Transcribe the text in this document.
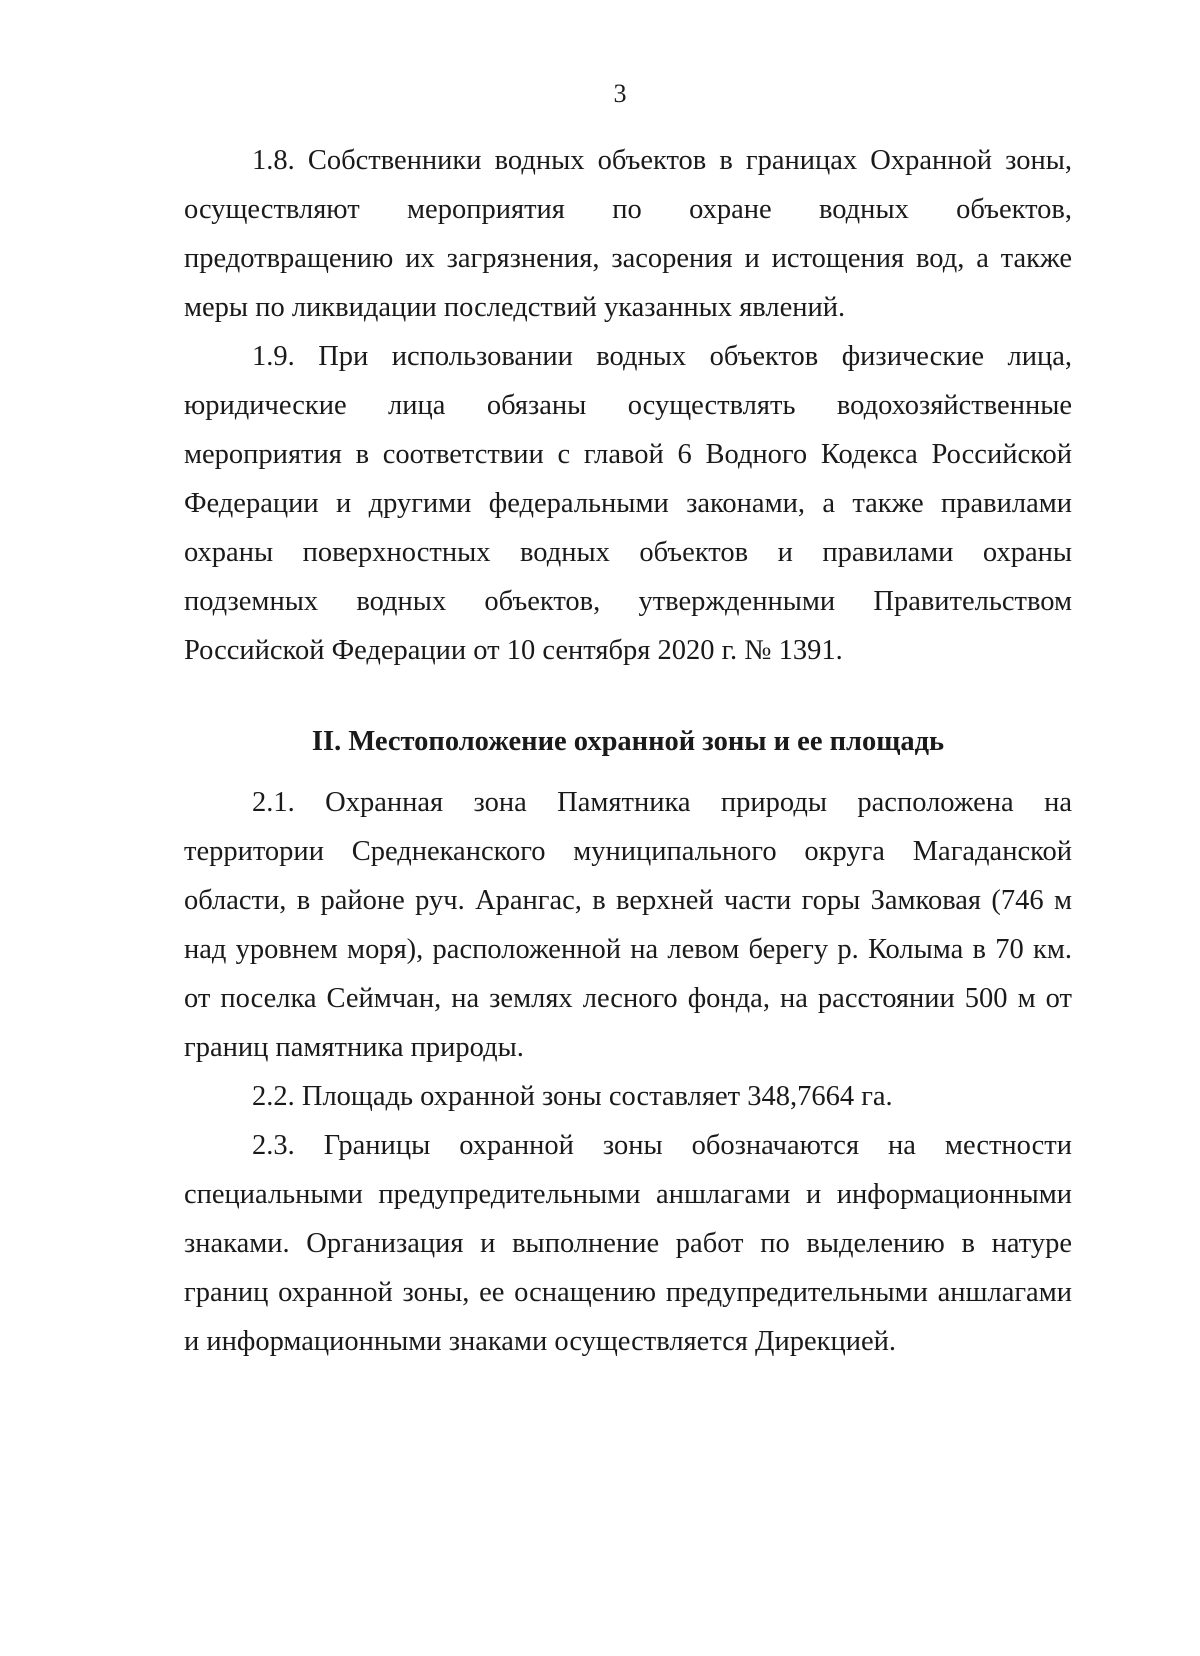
3

1.8. Собственники водных объектов в границах Охранной зоны, осуществляют мероприятия по охране водных объектов, предотвращению их загрязнения, засорения и истощения вод, а также меры по ликвидации последствий указанных явлений.

1.9. При использовании водных объектов физические лица, юридические лица обязаны осуществлять водохозяйственные мероприятия в соответствии с главой 6 Водного Кодекса Российской Федерации и другими федеральными законами, а также правилами охраны поверхностных водных объектов и правилами охраны подземных водных объектов, утвержденными Правительством Российской Федерации от 10 сентября 2020 г. № 1391.

II. Местоположение охранной зоны и ее площадь

2.1. Охранная зона Памятника природы расположена на территории Среднеканского муниципального округа Магаданской области, в районе руч. Арангас, в верхней части горы Замковая (746 м над уровнем моря), расположенной на левом берегу р. Колыма в 70 км. от поселка Сеймчан, на землях лесного фонда, на расстоянии 500 м от границ памятника природы.

2.2. Площадь охранной зоны составляет 348,7664 га.

2.3. Границы охранной зоны обозначаются на местности специальными предупредительными аншлагами и информационными знаками. Организация и выполнение работ по выделению в натуре границ охранной зоны, ее оснащению предупредительными аншлагами и информационными знаками осуществляется Дирекцией.
